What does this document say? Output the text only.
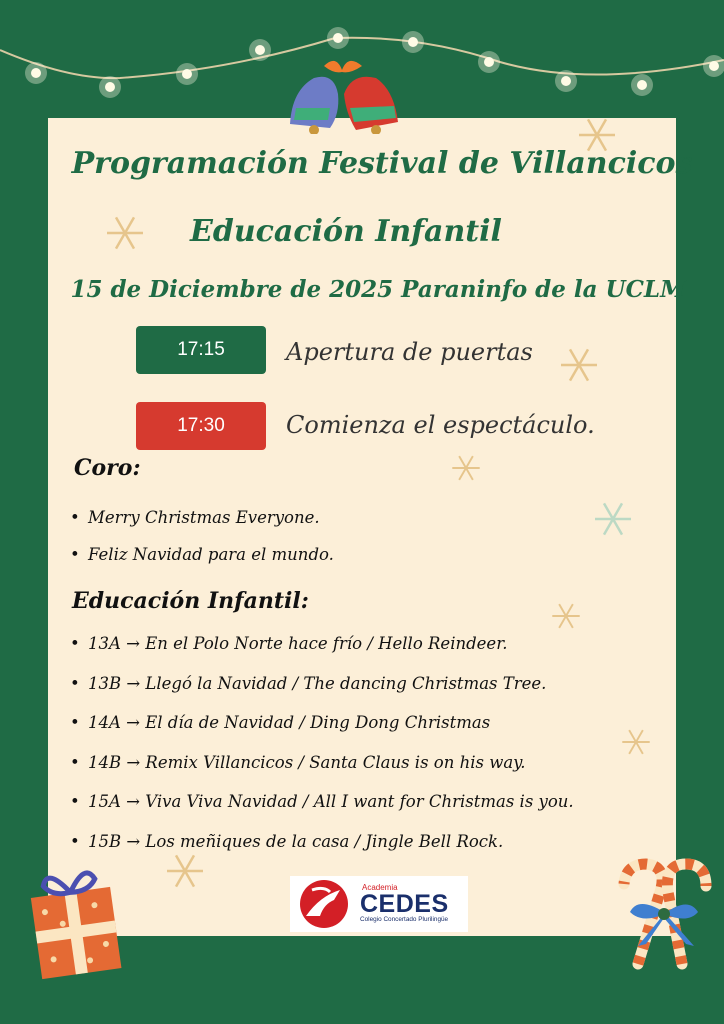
Programación Festival de Villancicos
Educación Infantil
15 de Diciembre de 2025 Paraninfo de la UCLM
17:15	Apertura de puertas
17:30	Comienza el espectáculo.
Coro:
• Merry Christmas Everyone.
• Feliz Navidad para el mundo.
Educación Infantil:
• 13A → En el Polo Norte hace frío / Hello Reindeer.
• 13B → Llegó la Navidad / The dancing Christmas Tree.
• 14A → El día de Navidad / Ding Dong Christmas
• 14B → Remix Villancicos / Santa Claus is on his way.
• 15A → Viva Viva Navidad / All I want for Christmas is you.
• 15B → Los meñiques de la casa / Jingle Bell Rock.
Academia
CEDES
Colegio Concertado Plurilingüe
